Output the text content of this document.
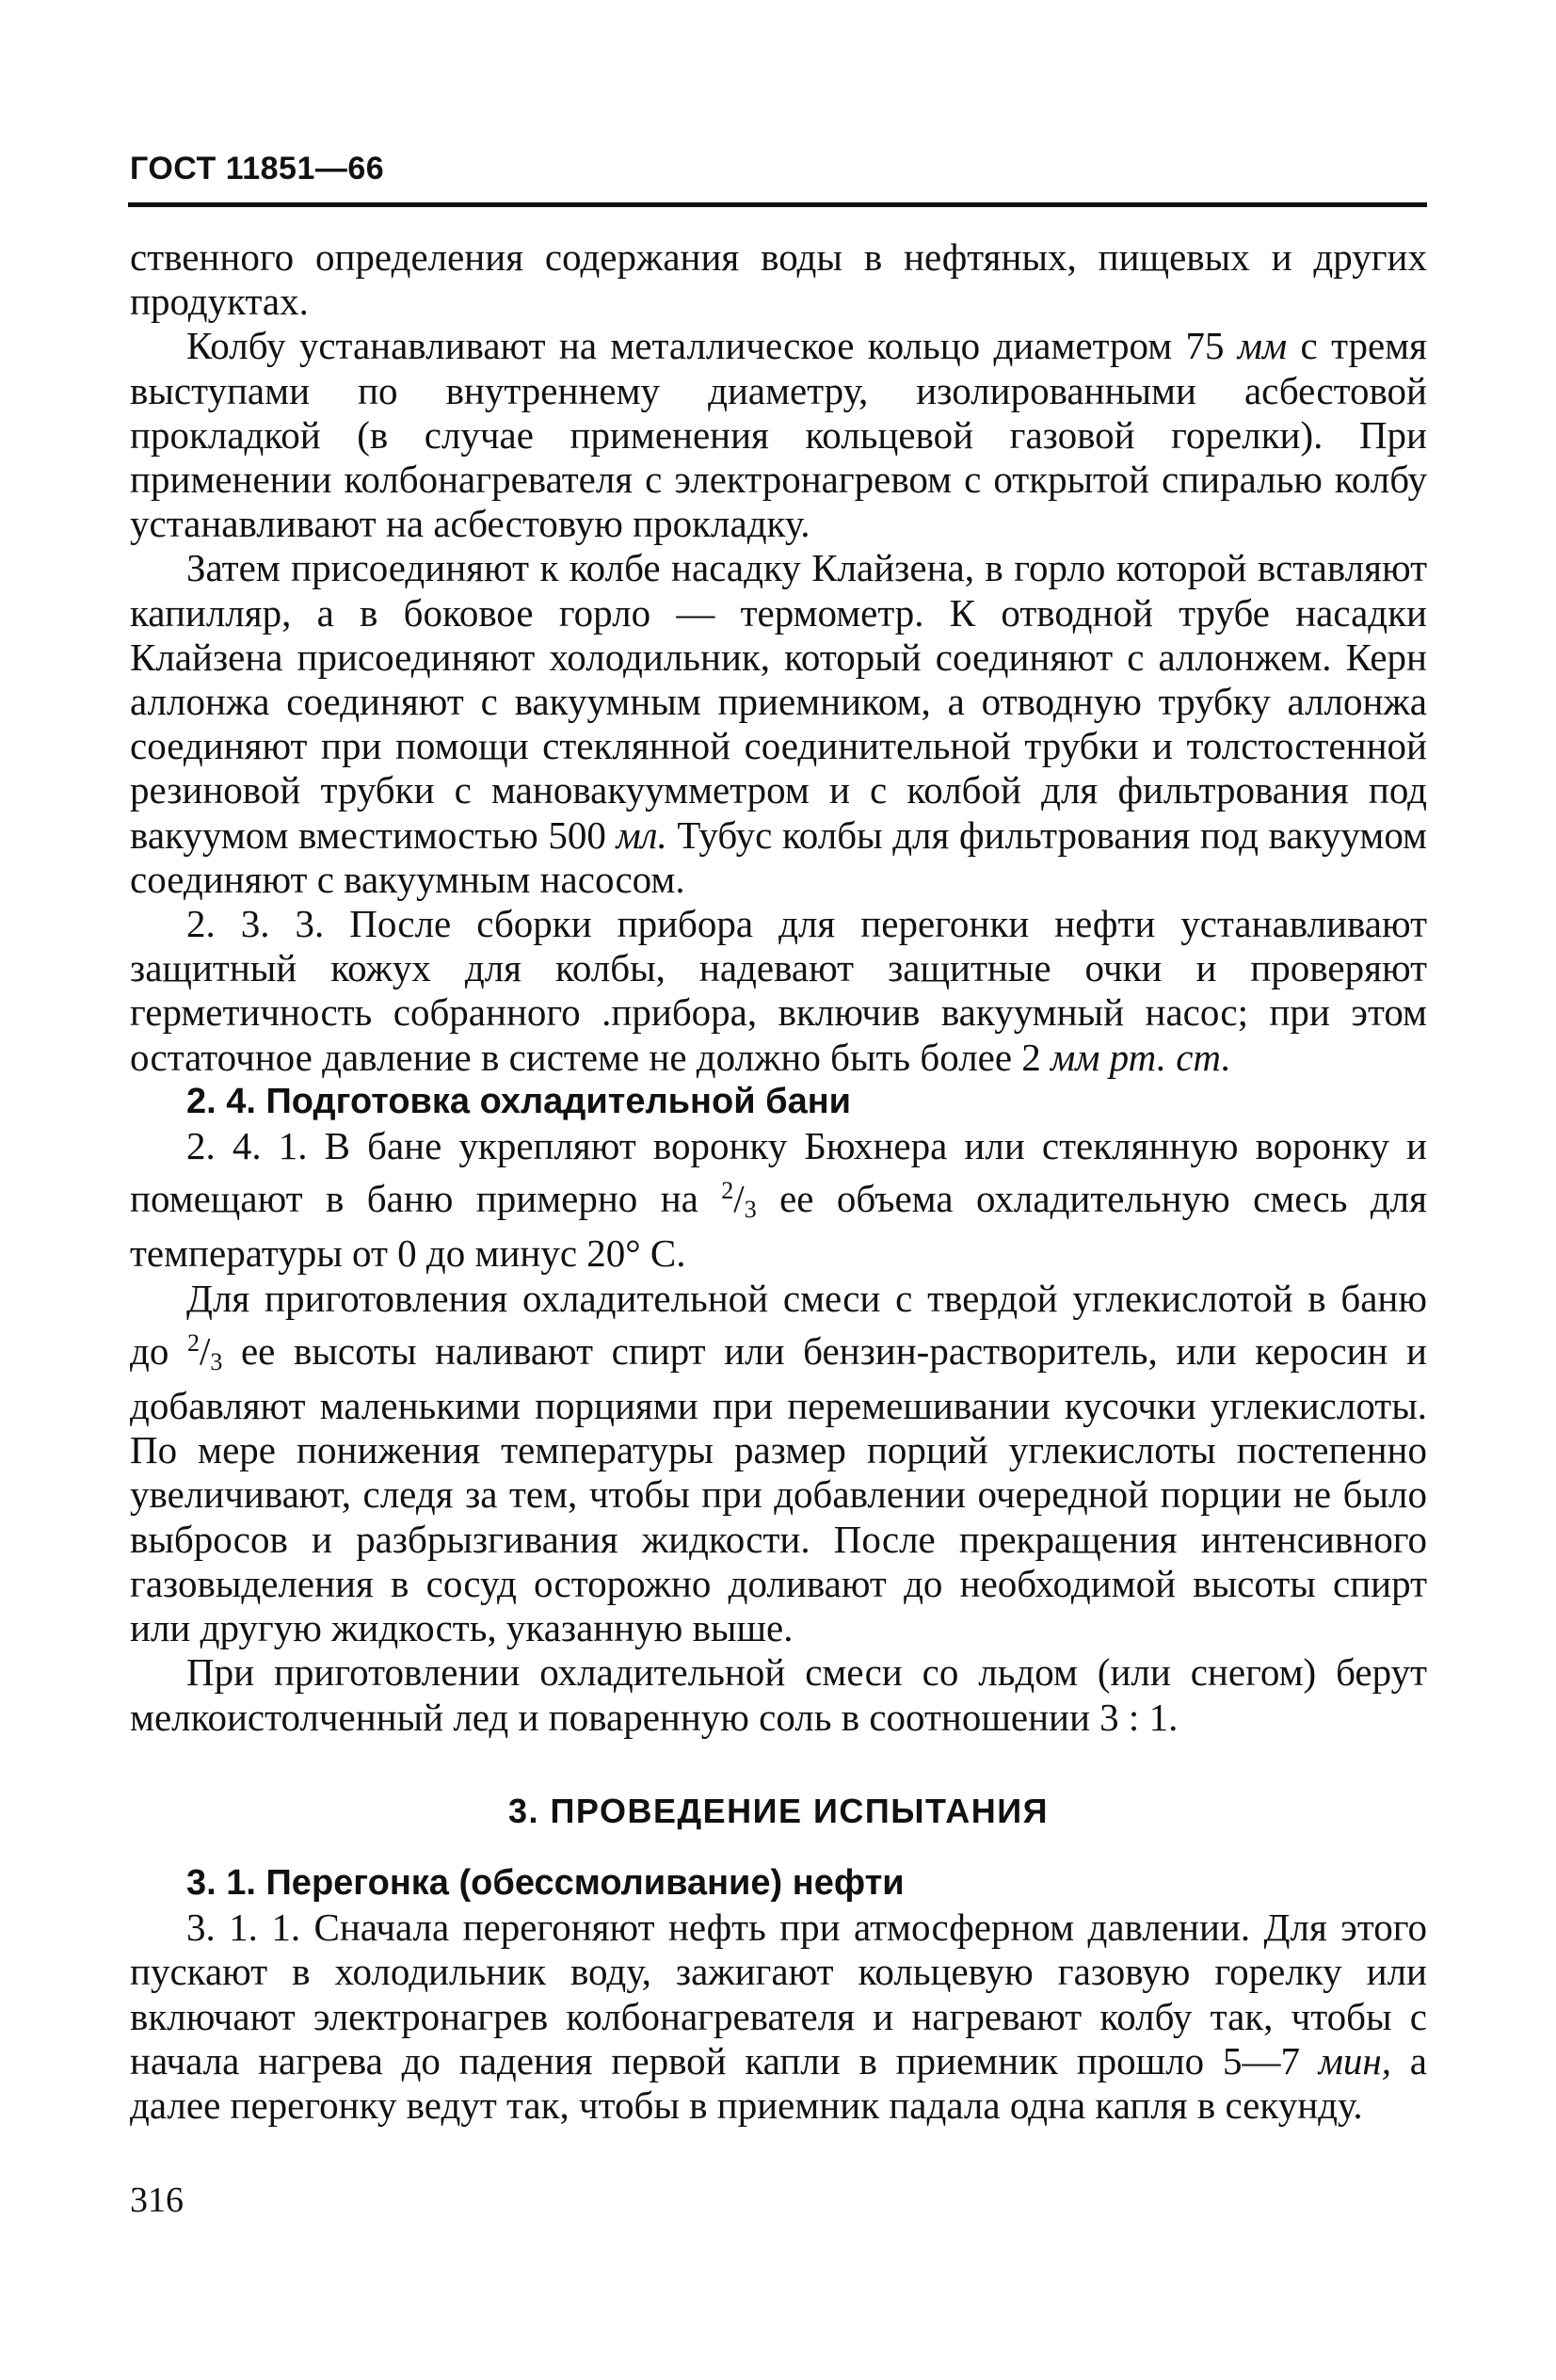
ГОСТ 11851—66

ственного определения содержания воды в нефтяных, пищевых и других продуктах.

Колбу устанавливают на металлическое кольцо диаметром 75 мм с тремя выступами по внутреннему диаметру, изолированными асбестовой прокладкой (в случае применения кольцевой газовой горелки). При применении колбонагревателя с электронагревом с открытой спиралью колбу устанавливают на асбестовую прокладку.

Затем присоединяют к колбе насадку Клайзена, в горло которой вставляют капилляр, а в боковое горло — термометр. К отводной трубе насадки Клайзена присоединяют холодильник, который соединяют с аллонжем. Керн аллонжа соединяют с вакуумным приемником, а отводную трубку аллонжа соединяют при помощи стеклянной соединительной трубки и толстостенной резиновой трубки с мановакуумметром и с колбой для фильтрования под вакуумом вместимостью 500 мл. Тубус колбы для фильтрования под вакуумом соединяют с вакуумным насосом.

2. 3. 3. После сборки прибора для перегонки нефти устанавливают защитный кожух для колбы, надевают защитные очки и проверяют герметичность собранного .прибора, включив вакуумный насос; при этом остаточное давление в системе не должно быть более 2 мм рт. ст.

2. 4. Подготовка охладительной бани

2. 4. 1. В бане укрепляют воронку Бюхнера или стеклянную воронку и помещают в баню примерно на $^2/_3$ ее объема охладительную смесь для температуры от 0 до минус 20° С.

Для приготовления охладительной смеси с твердой углекислотой в баню до $^2/_3$ ее высоты наливают спирт или бензин-растворитель, или керосин и добавляют маленькими порциями при перемешивании кусочки углекислоты. По мере понижения температуры размер порций углекислоты постепенно увеличивают, следя за тем, чтобы при добавлении очередной порции не было выбросов и разбрызгивания жидкости. После прекращения интенсивного газовыделения в сосуд осторожно доливают до необходимой высоты спирт или другую жидкость, указанную выше.

При приготовлении охладительной смеси со льдом (или снегом) берут мелкоистолченный лед и поваренную соль в соотношении 3 : 1.

3. ПРОВЕДЕНИЕ ИСПЫТАНИЯ
3. 1. Перегонка (обессмоливание) нефти

3. 1. 1. Сначала перегоняют нефть при атмосферном давлении. Для этого пускают в холодильник воду, зажигают кольцевую газовую горелку или включают электронагрев колбонагревателя и нагревают колбу так, чтобы с начала нагрева до падения первой капли в приемник прошло 5—7 мин, а далее перегонку ведут так, чтобы в приемник падала одна капля в секунду.

316
